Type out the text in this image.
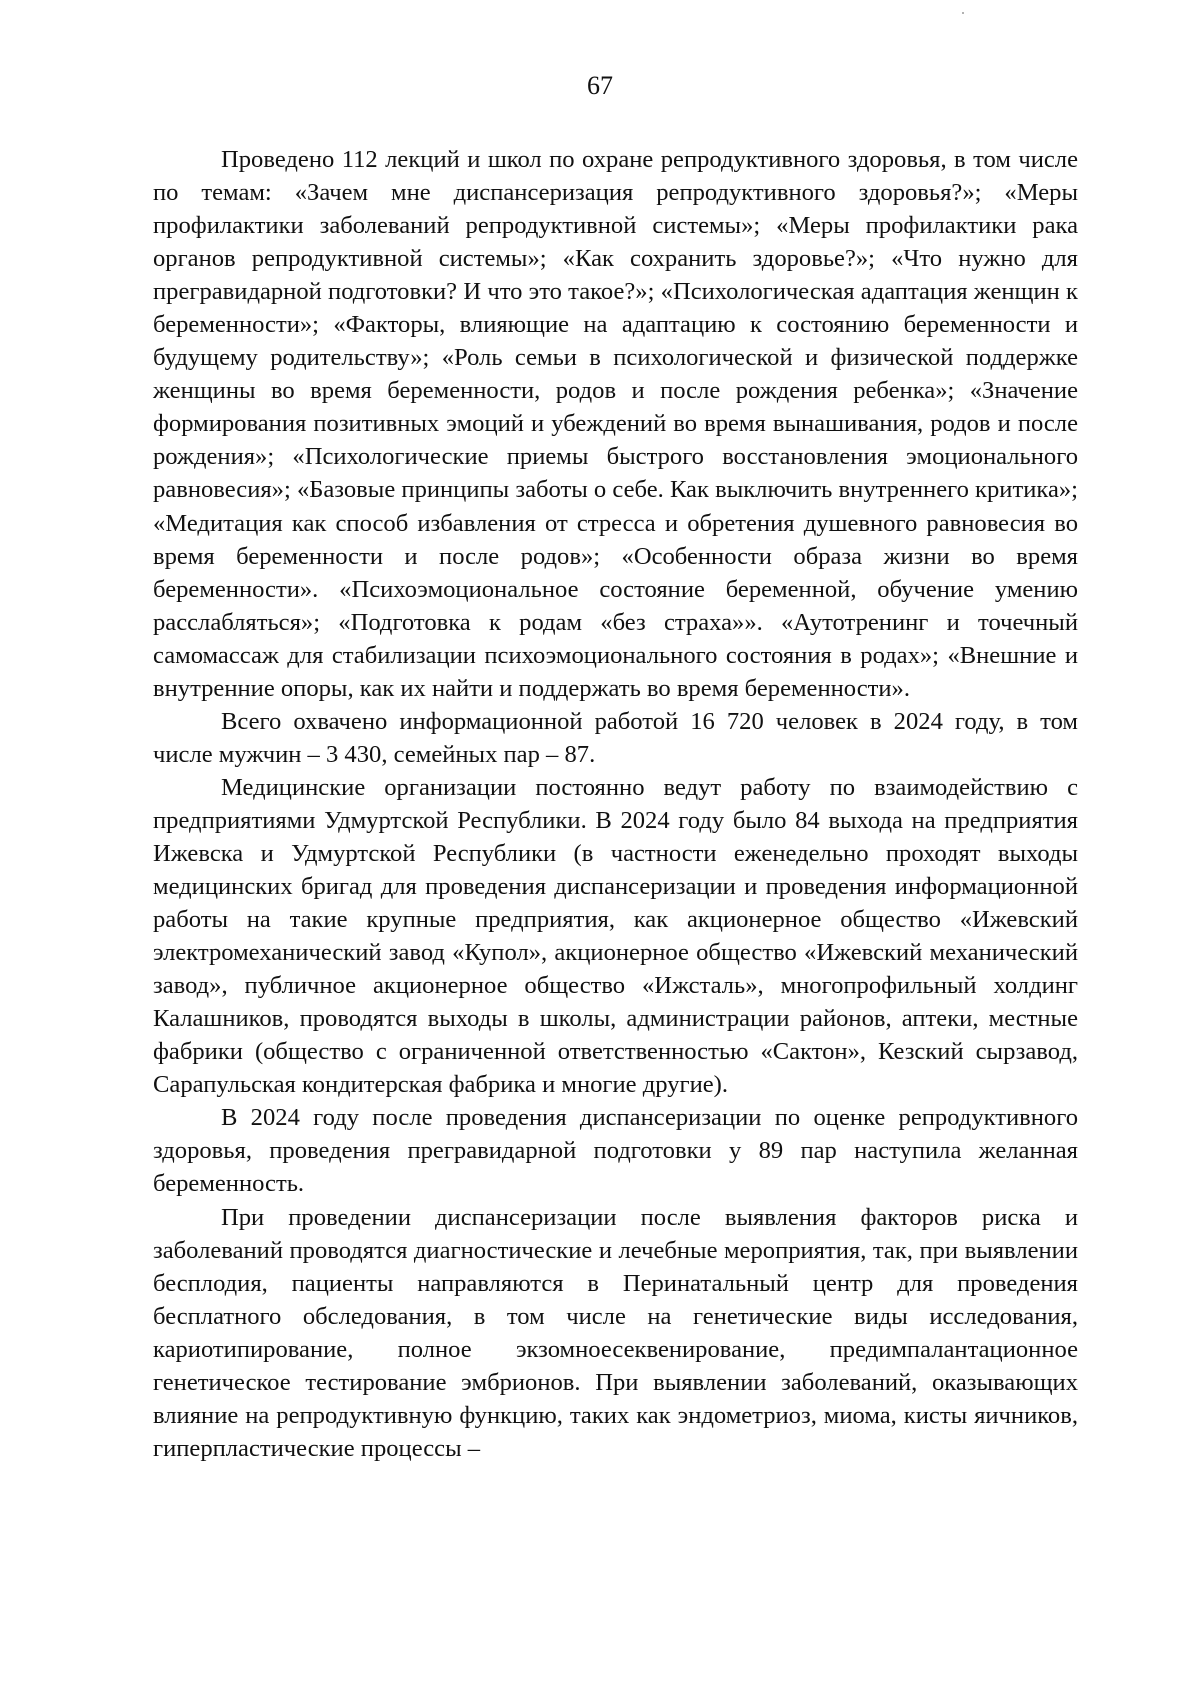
67

Проведено 112 лекций и школ по охране репродуктивного здоровья, в том числе по темам: «Зачем мне диспансеризация репродуктивного здоровья?»; «Меры профилактики заболеваний репродуктивной системы»; «Меры профилактики рака органов репродуктивной системы»; «Как сохранить здоровье?»; «Что нужно для прегравидарной подготовки? И что это такое?»; «Психологическая адаптация женщин к беременности»; «Факторы, влияющие на адаптацию к состоянию беременности и будущему родительству»; «Роль семьи в психологической и физической поддержке женщины во время беременности, родов и после рождения ребенка»; «Значение формирования позитивных эмоций и убеждений во время вынашивания, родов и после рождения»; «Психологические приемы быстрого восстановления эмоционального равновесия»; «Базовые принципы заботы о себе. Как выключить внутреннего критика»; «Медитация как способ избавления от стресса и обретения душевного равновесия во время беременности и после родов»; «Особенности образа жизни во время беременности». «Психоэмоциональное состояние беременной, обучение умению расслабляться»; «Подготовка к родам «без страха»». «Аутотренинг и точечный самомассаж для стабилизации психоэмоционального состояния в родах»; «Внешние и внутренние опоры, как их найти и поддержать во время беременности».

Всего охвачено информационной работой 16 720 человек в 2024 году, в том числе мужчин – 3 430, семейных пар – 87.

Медицинские организации постоянно ведут работу по взаимодействию с предприятиями Удмуртской Республики. В 2024 году было 84 выхода на предприятия Ижевска и Удмуртской Республики (в частности еженедельно проходят выходы медицинских бригад для проведения диспансеризации и проведения информационной работы на такие крупные предприятия, как акционерное общество «Ижевский электромеханический завод «Купол», акционерное общество «Ижевский механический завод», публичное акционерное общество «Ижсталь», многопрофильный холдинг Калашников, проводятся выходы в школы, администрации районов, аптеки, местные фабрики (общество с ограниченной ответственностью «Сактон», Кезский сырзавод, Сарапульская кондитерская фабрика и многие другие).

В 2024 году после проведения диспансеризации по оценке репродуктивного здоровья, проведения прегравидарной подготовки у 89 пар наступила желанная беременность.

При проведении диспансеризации после выявления факторов риска и заболеваний проводятся диагностические и лечебные мероприятия, так, при выявлении бесплодия, пациенты направляются в Перинатальный центр для проведения бесплатного обследования, в том числе на генетические виды исследования, кариотипирование, полное экзомноесеквенирование, предимпалантационное генетическое тестирование эмбрионов. При выявлении заболеваний, оказывающих влияние на репродуктивную функцию, таких как эндометриоз, миома, кисты яичников, гиперпластические процессы –
